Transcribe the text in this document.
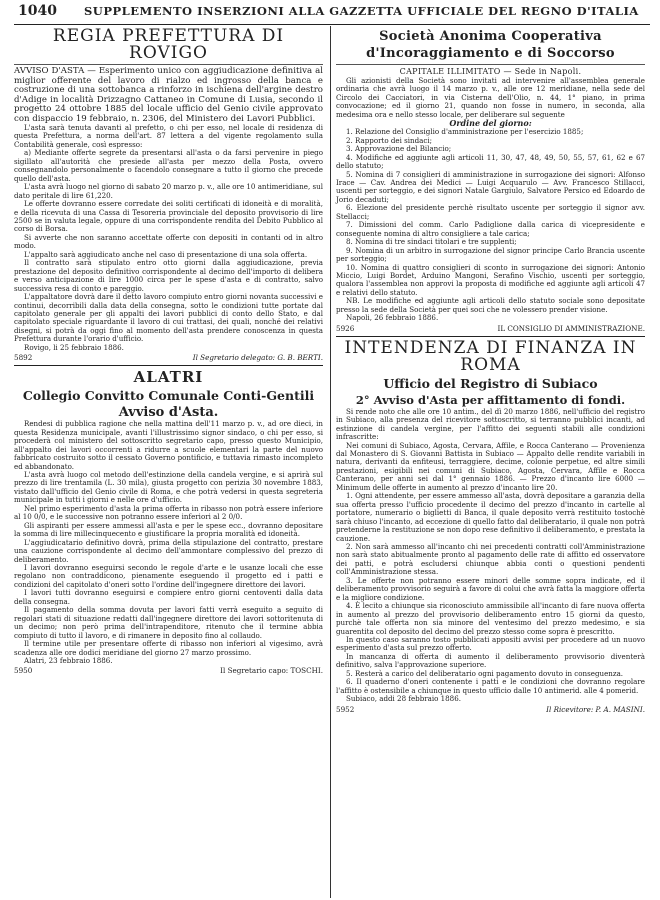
1040 SUPPLEMENTO INSERZIONI ALLA GAZZETTA UFFICIALE DEL REGNO D'ITALIA
REGIA PREFETTURA DI ROVIGO

AVVISO D'ASTA — Esperimento unico con aggiudicazione definitiva al miglior offerente del lavoro di rialzo ed ingrosso della banca e costruzione di una sottobanca a rinforzo in ischiena dell'argine destro d'Adige in località Drizzagno Cattaneo in Comune di Lusia, secondo il progetto 24 ottobre 1885 del locale ufficio del Genio civile approvato con dispaccio 19 febbraio, n. 2306, del Ministero dei Lavori Pubblici.

L'asta sarà tenuta davanti al prefetto, o chi per esso, nel locale di residenza di questa Prefettura, a norma dell'art. 87 lettera a del vigente regolamento sulla Contabilità generale, così espresso:

a) Mediante offerte segrete da presentarsi all'asta o da farsi pervenire in piego sigillato all'autorità che presiede all'asta per mezzo della Posta, ovvero consegnandolo personalmente o facendolo consegnare a tutto il giorno che precede quello dell'asta.

L'asta avrà luogo nel giorno di sabato 20 marzo p. v., alle ore 10 antimeridiane, sul dato peritale di lire 61,220.

Le offerte dovranno essere corredate dei soliti certificati di idoneità e di moralità, e della ricevuta di una Cassa di Tesoreria provinciale del deposito provvisorio di lire 2500 se in valuta legale, oppure di una corrispondente rendita del Debito Pubblico al corso di Borsa.

Si avverte che non saranno accettate offerte con depositi in contanti od in altro modo.

L'appalto sarà aggiudicato anche nel caso di presentazione di una sola offerta.

Il contratto sarà stipulato entro otto giorni dalla aggiudicazione, previa prestazione del deposito definitivo corrispondente al decimo dell'importo di delibera e verso anticipazione di lire 1000 circa per le spese d'asta e di contratto, salvo successiva resa di conto e pareggio.

L'appaltatore dovrà dare il detto lavoro compiuto entro giorni novanta successivi e continui, decorribili dalla data della consegna, sotto le condizioni tutte portate dal capitolato generale per gli appalti dei lavori pubblici di conto dello Stato, e dal capitolato speciale riguardante il lavoro di cui trattasi, dei quali, nonché dei relativi disegni, si potrà da oggi fino al momento dell'asta prendere conoscenza in questa Prefettura durante l'orario d'ufficio.

Rovigo, li 25 febbraio 1886.
5892	Il Segretario delegato: G. B. BERTI.
ALATRI
Collegio Convitto Comunale Conti-Gentili
Avviso d'Asta.

Rendesi di pubblica ragione che nella mattina dell'11 marzo p. v., ad ore dieci, in questa Residenza municipale, avanti l'illustrissimo signor sindaco, o chi per esso, si procederà col ministero del sottoscritto segretario capo, presso questo Municipio, all'appalto dei lavori occorrenti a ridurre a scuole elementari la parte del nuovo fabbricato costruito sotto il cessato Governo pontificio, e tuttavia rimasto incompleto ed abbandonato.

L'asta avrà luogo col metodo dell'estinzione della candela vergine, e si aprirà sul prezzo di lire trentamila (L. 30 mila), giusta progetto con perizia 30 novembre 1883, vistato dall'ufficio del Genio civile di Roma, e che potrà vedersi in questa segreteria municipale in tutti i giorni e nelle ore d'ufficio.

Nel primo esperimento d'asta la prima offerta in ribasso non potrà essere inferiore al 10 0/0, e le successive non potranno essere inferiori al 2 0/0.

Gli aspiranti per essere ammessi all'asta e per le spese ecc., dovranno depositare la somma di lire millecinquecento e giustificare la propria moralità ed idoneità.

L'aggiudicatario definitivo dovrà, prima della stipulazione del contratto, prestare una cauzione corrispondente al decimo dell'ammontare complessivo del prezzo di deliberamento.

I lavori dovranno eseguirsi secondo le regole d'arte e le usanze locali che esse regolano non contraddicono, pienamente eseguendo il progetto ed i patti e condizioni del capitolato d'oneri sotto l'ordine dell'ingegnere direttore dei lavori.

I lavori tutti dovranno eseguirsi e compiere entro giorni centoventi dalla data della consegna.

Il pagamento della somma dovuta per lavori fatti verrà eseguito a seguito di regolari stati di situazione redatti dall'ingegnere direttore dei lavori sottoritenuta di un decimo; non però prima dell'intrapenditore, ritenuto che il termine abbia compiuto di tutto il lavoro, e di rimanere in deposito fino al collaudo.

Il termine utile per presentare offerte di ribasso non inferiori al vigesimo, avrà scadenza alle ore dodici meridiane del giorno 27 marzo prossimo.

Alatri, 23 febbraio 1886.
5950	Il Segretario capo: TOSCHI.
Società Anonima Cooperativa d'Incoraggiamento e di Soccorso
CAPITALE ILLIMITATO — Sede in Napoli.

Gli azionisti della Società sono invitati ad intervenire all'assemblea generale ordinaria che avrà luogo il 14 marzo p. v., alle ore 12 meridiane, nella sede del Circolo dei Cacciatori, in via Cisterna dell'Olio, n. 44, 1° piano, in prima convocazione; ed il giorno 21, quando non fosse in numero, in seconda, alla medesima ora e nello stesso locale, per deliberare sul seguente

Ordine del giorno:

1. Relazione del Consiglio d'amministrazione per l'esercizio 1885;

2. Rapporto dei sindaci;

3. Approvazione del Bilancio;

4. Modifiche ed aggiunte agli articoli 11, 30, 47, 48, 49, 50, 55, 57, 61, 62 e 67 dello statuto;

5. Nomina di 7 consiglieri di amministrazione in surrogazione dei signori: Alfonso Irace — Cav. Andrea dei Medici — Luigi Acquarulo — Avv. Francesco Stillacci, uscenti per sorteggio, e dei signori Natale Gargiulo, Salvatore Persico ed Edoardo de Jorio decaduti;

6. Elezione del presidente perchè risultato uscente per sorteggio il signor avv. Stellacci;

7. Dimissioni del comm. Carlo Padiglione dalla carica di vicepresidente e conseguente nomina di altro consigliere a tale carica;

8. Nomina di tre sindaci titolari e tre supplenti;

9. Nomina di un arbitro in surrogazione del signor principe Carlo Brancia uscente per sorteggio;

10. Nomina di quattro consiglieri di sconto in surrogazione dei signori: Antonio Miccio, Luigi Bordet, Arduino Mangoni, Serafino Vischio, uscenti per sorteggio, qualora l'assemblea non approvi la proposta di modifiche ed aggiunte agli articoli 47 e relativi dello statuto.

NB. Le modifiche ed aggiunte agli articoli dello statuto sociale sono depositate presso la sede della Società per quei soci che ne volessero prender visione.

Napoli, 26 febbraio 1886.
5926	IL CONSIGLIO DI AMMINISTRAZIONE.
INTENDENZA DI FINANZA IN ROMA
Ufficio del Registro di Subiaco
2° Avviso d'Asta per affittamento di fondi.

Si rende noto che alle ore 10 antim., del dì 20 marzo 1886, nell'ufficio del registro in Subiaco, alla presenza del ricevitore sottoscritto, si terranno pubblici incanti, ad estinzione di candela vergine, per l'affitto dei seguenti stabili alle condizioni infrascritte:

Nei comuni di Subiaco, Agosta, Cervara, Affile, e Rocca Canterano — Provenienza dal Monastero di S. Giovanni Battista in Subiaco — Appalto delle rendite variabili in natura, derivanti da enfiteusi, terraggiere, decime, colonie perpetue, ed altre simili prestazioni, esigibili nei comuni di Subiaco, Agosta, Cervara, Affile e Rocca Canterano, per anni sei dal 1° gennaio 1886. — Prezzo d'incanto lire 6000 — Minimum delle offerte in aumento al prezzo d'incanto lire 20.

1. Ogni attendente, per essere ammesso all'asta, dovrà depositare a garanzia della sua offerta presso l'ufficio procedente il decimo del prezzo d'incanto in cartelle al portatore, numerario o biglietti di Banca, il quale deposito verrà restituito tostochè sarà chiuso l'incanto, ad eccezione di quello fatto dal deliberatario, il quale non potrà pretenderne la restituzione se non dopo rese definitivo il deliberamento, e prestata la cauzione.

2. Non sarà ammesso all'incanto chi nei precedenti contratti coll'Amministrazione non sarà stato abitualmente pronto al pagamento delle rate di affitto ed osservatore dei patti, e potrà escludersi chiunque abbia conti o questioni pendenti coll'Amministrazione stessa.

3. Le offerte non potranno essere minori delle somme sopra indicate, ed il deliberamento provvisorio seguirà a favore di colui che avrà fatta la maggiore offerta e la migliore condizione.

4. È lecito a chiunque sia riconosciuto ammissibile all'incanto di fare nuova offerta in aumento al prezzo del provvisorio deliberamento entro 15 giorni da questo, purchè tale offerta non sia minore del ventesimo del prezzo medesimo, e sia guarentita col deposito del decimo del prezzo stesso come sopra è prescritto.

In questo caso saranno tosto pubblicati appositi avvisi per procedere ad un nuovo esperimento d'asta sul prezzo offerto.

In mancanza di offerta di aumento il deliberamento provvisorio diventerà definitivo, salva l'approvazione superiore.

5. Resterà a carico del deliberatario ogni pagamento dovuto in conseguenza.

6. Il quaderno d'oneri contenente i patti e le condizioni che dovranno regolare l'affitto è ostensibile a chiunque in questo ufficio dalle 10 antimerid. alle 4 pomerid.

Subiaco, addi 28 febbraio 1886.
5952	Il Ricevitore: P. A. MASINI.
